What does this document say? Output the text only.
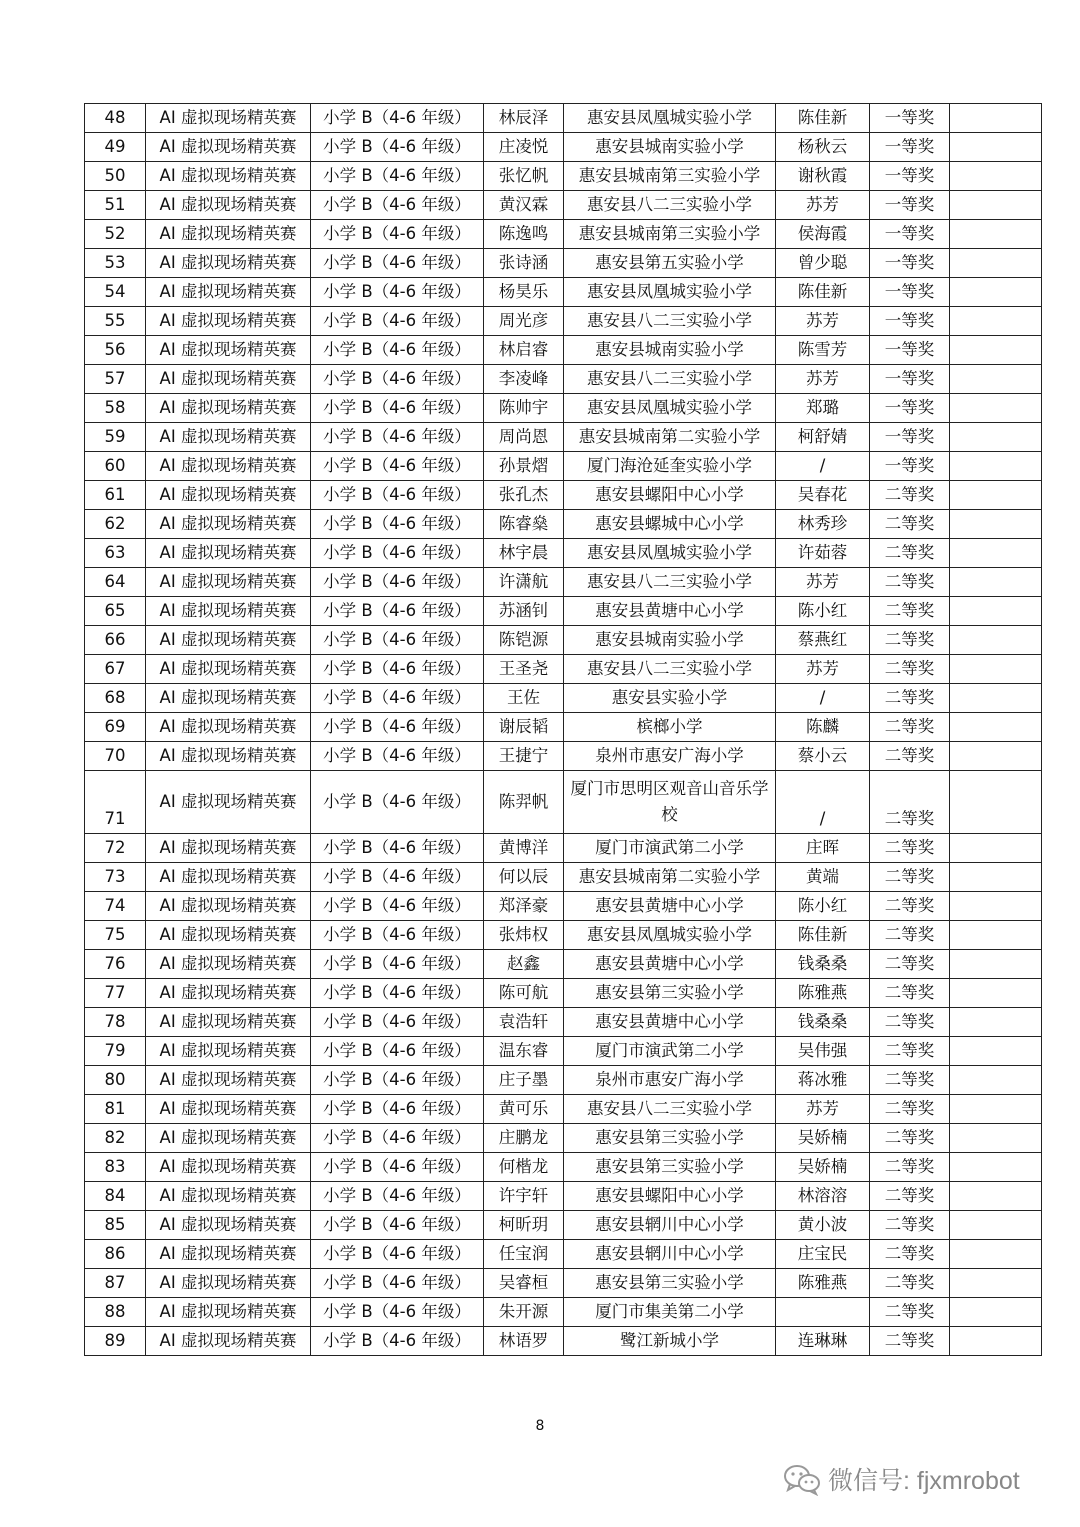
48	AI 虚拟现场精英赛	小学 B（4-6 年级）	林辰泽	惠安县凤凰城实验小学	陈佳新	一等奖	
49	AI 虚拟现场精英赛	小学 B（4-6 年级）	庄凌悦	惠安县城南实验小学	杨秋云	一等奖	
50	AI 虚拟现场精英赛	小学 B（4-6 年级）	张忆帆	惠安县城南第三实验小学	谢秋霞	一等奖	
51	AI 虚拟现场精英赛	小学 B（4-6 年级）	黄汉霖	惠安县八二三实验小学	苏芳	一等奖	
52	AI 虚拟现场精英赛	小学 B（4-6 年级）	陈逸鸣	惠安县城南第三实验小学	侯海霞	一等奖	
53	AI 虚拟现场精英赛	小学 B（4-6 年级）	张诗涵	惠安县第五实验小学	曾少聪	一等奖	
54	AI 虚拟现场精英赛	小学 B（4-6 年级）	杨昊乐	惠安县凤凰城实验小学	陈佳新	一等奖	
55	AI 虚拟现场精英赛	小学 B（4-6 年级）	周光彦	惠安县八二三实验小学	苏芳	一等奖	
56	AI 虚拟现场精英赛	小学 B（4-6 年级）	林启睿	惠安县城南实验小学	陈雪芳	一等奖	
57	AI 虚拟现场精英赛	小学 B（4-6 年级）	李凌峰	惠安县八二三实验小学	苏芳	一等奖	
58	AI 虚拟现场精英赛	小学 B（4-6 年级）	陈帅宇	惠安县凤凰城实验小学	郑璐	一等奖	
59	AI 虚拟现场精英赛	小学 B（4-6 年级）	周尚恩	惠安县城南第二实验小学	柯舒婧	一等奖	
60	AI 虚拟现场精英赛	小学 B（4-6 年级）	孙景熠	厦门海沧延奎实验小学	/	一等奖	
61	AI 虚拟现场精英赛	小学 B（4-6 年级）	张孔杰	惠安县螺阳中心小学	吴春花	二等奖	
62	AI 虚拟现场精英赛	小学 B（4-6 年级）	陈睿燊	惠安县螺城中心小学	林秀珍	二等奖	
63	AI 虚拟现场精英赛	小学 B（4-6 年级）	林宇晨	惠安县凤凰城实验小学	许茹蓉	二等奖	
64	AI 虚拟现场精英赛	小学 B（4-6 年级）	许潇航	惠安县八二三实验小学	苏芳	二等奖	
65	AI 虚拟现场精英赛	小学 B（4-6 年级）	苏涵钊	惠安县黄塘中心小学	陈小红	二等奖	
66	AI 虚拟现场精英赛	小学 B（4-6 年级）	陈铠源	惠安县城南实验小学	蔡燕红	二等奖	
67	AI 虚拟现场精英赛	小学 B（4-6 年级）	王圣尧	惠安县八二三实验小学	苏芳	二等奖	
68	AI 虚拟现场精英赛	小学 B（4-6 年级）	王佐	惠安县实验小学	/	二等奖	
69	AI 虚拟现场精英赛	小学 B（4-6 年级）	谢辰韬	槟榔小学	陈麟	二等奖	
70	AI 虚拟现场精英赛	小学 B（4-6 年级）	王捷宁	泉州市惠安广海小学	蔡小云	二等奖	
71	AI 虚拟现场精英赛	小学 B（4-6 年级）	陈羿帆	厦门市思明区观音山音乐学校	/	二等奖	
72	AI 虚拟现场精英赛	小学 B（4-6 年级）	黄博洋	厦门市演武第二小学	庄晖	二等奖	
73	AI 虚拟现场精英赛	小学 B（4-6 年级）	何以辰	惠安县城南第二实验小学	黄端	二等奖	
74	AI 虚拟现场精英赛	小学 B（4-6 年级）	郑泽豪	惠安县黄塘中心小学	陈小红	二等奖	
75	AI 虚拟现场精英赛	小学 B（4-6 年级）	张炜权	惠安县凤凰城实验小学	陈佳新	二等奖	
76	AI 虚拟现场精英赛	小学 B（4-6 年级）	赵鑫	惠安县黄塘中心小学	钱桑桑	二等奖	
77	AI 虚拟现场精英赛	小学 B（4-6 年级）	陈可航	惠安县第三实验小学	陈雅燕	二等奖	
78	AI 虚拟现场精英赛	小学 B（4-6 年级）	袁浩轩	惠安县黄塘中心小学	钱桑桑	二等奖	
79	AI 虚拟现场精英赛	小学 B（4-6 年级）	温东睿	厦门市演武第二小学	吴伟强	二等奖	
80	AI 虚拟现场精英赛	小学 B（4-6 年级）	庄子墨	泉州市惠安广海小学	蒋冰雅	二等奖	
81	AI 虚拟现场精英赛	小学 B（4-6 年级）	黄可乐	惠安县八二三实验小学	苏芳	二等奖	
82	AI 虚拟现场精英赛	小学 B（4-6 年级）	庄鹏龙	惠安县第三实验小学	吴娇楠	二等奖	
83	AI 虚拟现场精英赛	小学 B（4-6 年级）	何楷龙	惠安县第三实验小学	吴娇楠	二等奖	
84	AI 虚拟现场精英赛	小学 B（4-6 年级）	许宇轩	惠安县螺阳中心小学	林溶溶	二等奖	
85	AI 虚拟现场精英赛	小学 B（4-6 年级）	柯昕玥	惠安县辋川中心小学	黄小波	二等奖	
86	AI 虚拟现场精英赛	小学 B（4-6 年级）	任宝润	惠安县辋川中心小学	庄宝民	二等奖	
87	AI 虚拟现场精英赛	小学 B（4-6 年级）	吴睿桓	惠安县第三实验小学	陈雅燕	二等奖	
88	AI 虚拟现场精英赛	小学 B（4-6 年级）	朱开源	厦门市集美第二小学		二等奖	
89	AI 虚拟现场精英赛	小学 B（4-6 年级）	林语罗	鹭江新城小学	连琳琳	二等奖	
8
微信号: fjxmrobot
